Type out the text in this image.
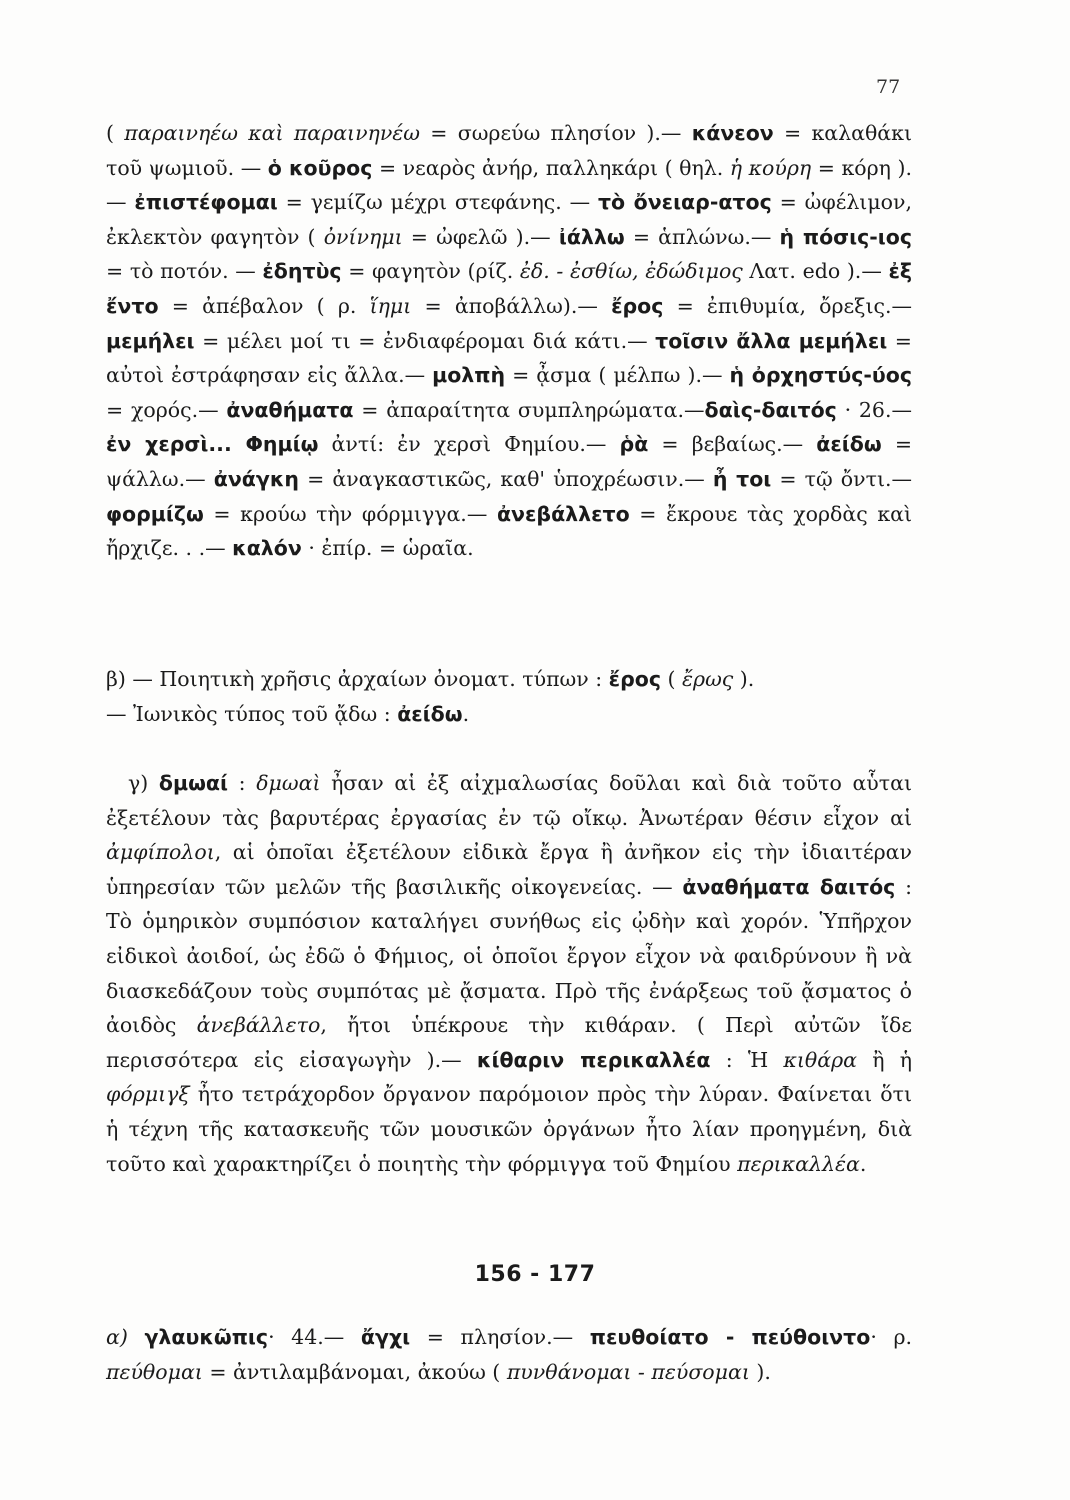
77

( παραινηέω καὶ παραινηνέω = σωρεύω πλησίον ).— κάνεον = καλαθάκι τοῦ ψωμιοῦ. — ὁ κοῦρος = νεαρὸς ἀνήρ, παλληκάρι ( θηλ. ἡ κούρη = κόρη ). — ἐπιστέφομαι = γεμίζω μέχρι στεφάνης. — τὸ ὄνειαρ-ατος = ὠφέλιμον, ἐκλεκτὸν φαγητὸν ( ὀνίνημι = ὠφελῶ ).— ἰάλλω = ἁπλώνω.— ἡ πόσις-ιος = τὸ ποτόν. — ἐδητὺς = φαγητὸν (ρίζ. ἐδ. - ἐσθίω, ἐδώδιμος Λατ. edo ).— ἐξ ἔντο = ἀπέβαλον ( ρ. ἵημι = ἀποβάλλω).— ἔρος = ἐπιθυμία, ὄρεξις.— μεμήλει = μέλει μοί τι = ἐνδιαφέρομαι διά κάτι.— τοῖσιν ἄλλα μεμήλει = αὐτοὶ ἐστράφησαν εἰς ἄλλα.— μολπὴ = ᾆσμα ( μέλπω ).— ἡ ὀρχηστύς-ύος = χορός.— ἀναθήματα = ἀπαραίτητα συμπληρώματα.—δαὶς-δαιτός · 26.— ἐν χερσὶ... Φημίῳ ἀντί: ἐν χερσὶ Φημίου.— ῥὰ = βεβαίως.— ἀείδω = ψάλλω.— ἀνάγκη = ἀναγκαστικῶς, καθ' ὑποχρέωσιν.— ἦ τοι = τῷ ὄντι.— φορμίζω = κρούω τὴν φόρμιγγα.— ἀνεβάλλετο = ἔκρουε τὰς χορδὰς καὶ ἤρχιζε. . .— καλόν · ἐπίρ. = ὡραῖα.

β) — Ποιητικὴ χρῆσις ἀρχαίων ὀνοματ. τύπων : ἔρος ( ἔρως ).
— Ἰωνικὸς τύπος τοῦ ᾄδω : ἀείδω.

γ) δμωαί : δμωαὶ ἦσαν αἱ ἐξ αἰχμαλωσίας δοῦλαι καὶ διὰ τοῦτο αὗται ἐξετέλουν τὰς βαρυτέρας ἐργασίας ἐν τῷ οἴκῳ. Ἀνωτέραν θέσιν εἶχον αἱ ἀμφίπολοι, αἱ ὁποῖαι ἐξετέλουν εἰδικὰ ἔργα ἢ ἀνῆκον εἰς τὴν ἰδιαιτέραν ὑπηρεσίαν τῶν μελῶν τῆς βασιλικῆς οἰκογενείας. — ἀναθήματα δαιτός : Τὸ ὁμηρικὸν συμπόσιον καταλήγει συνήθως εἰς ᾠδὴν καὶ χορόν. Ὑπῆρχον εἰδικοὶ ἀοιδοί, ὡς ἐδῶ ὁ Φήμιος, οἱ ὁποῖοι ἔργον εἶχον νὰ φαιδρύνουν ἢ νὰ διασκεδάζουν τοὺς συμπότας μὲ ᾄσματα. Πρὸ τῆς ἐνάρξεως τοῦ ᾄσματος ὁ ἀοιδὸς ἀνεβάλλετο, ἤτοι ὑπέκρουε τὴν κιθάραν. ( Περὶ αὐτῶν ἴδε περισσότερα εἰς εἰσαγωγὴν ).— κίθαριν περικαλλέα : Ἡ κιθάρα ἢ ἡ φόρμιγξ ἦτο τετράχορδον ὄργανον παρόμοιον πρὸς τὴν λύραν. Φαίνεται ὅτι ἡ τέχνη τῆς κατασκευῆς τῶν μουσικῶν ὀργάνων ἦτο λίαν προηγμένη, διὰ τοῦτο καὶ χαρακτηρίζει ὁ ποιητὴς τὴν φόρμιγγα τοῦ Φημίου περικαλλέα.

156 - 177

α) γλαυκῶπις· 44.— ἄγχι = πλησίον.— πευθοίατο - πεύθοιντο· ρ. πεύθομαι = ἀντιλαμβάνομαι, ἀκούω ( πυνθάνομαι - πεύσομαι ).
